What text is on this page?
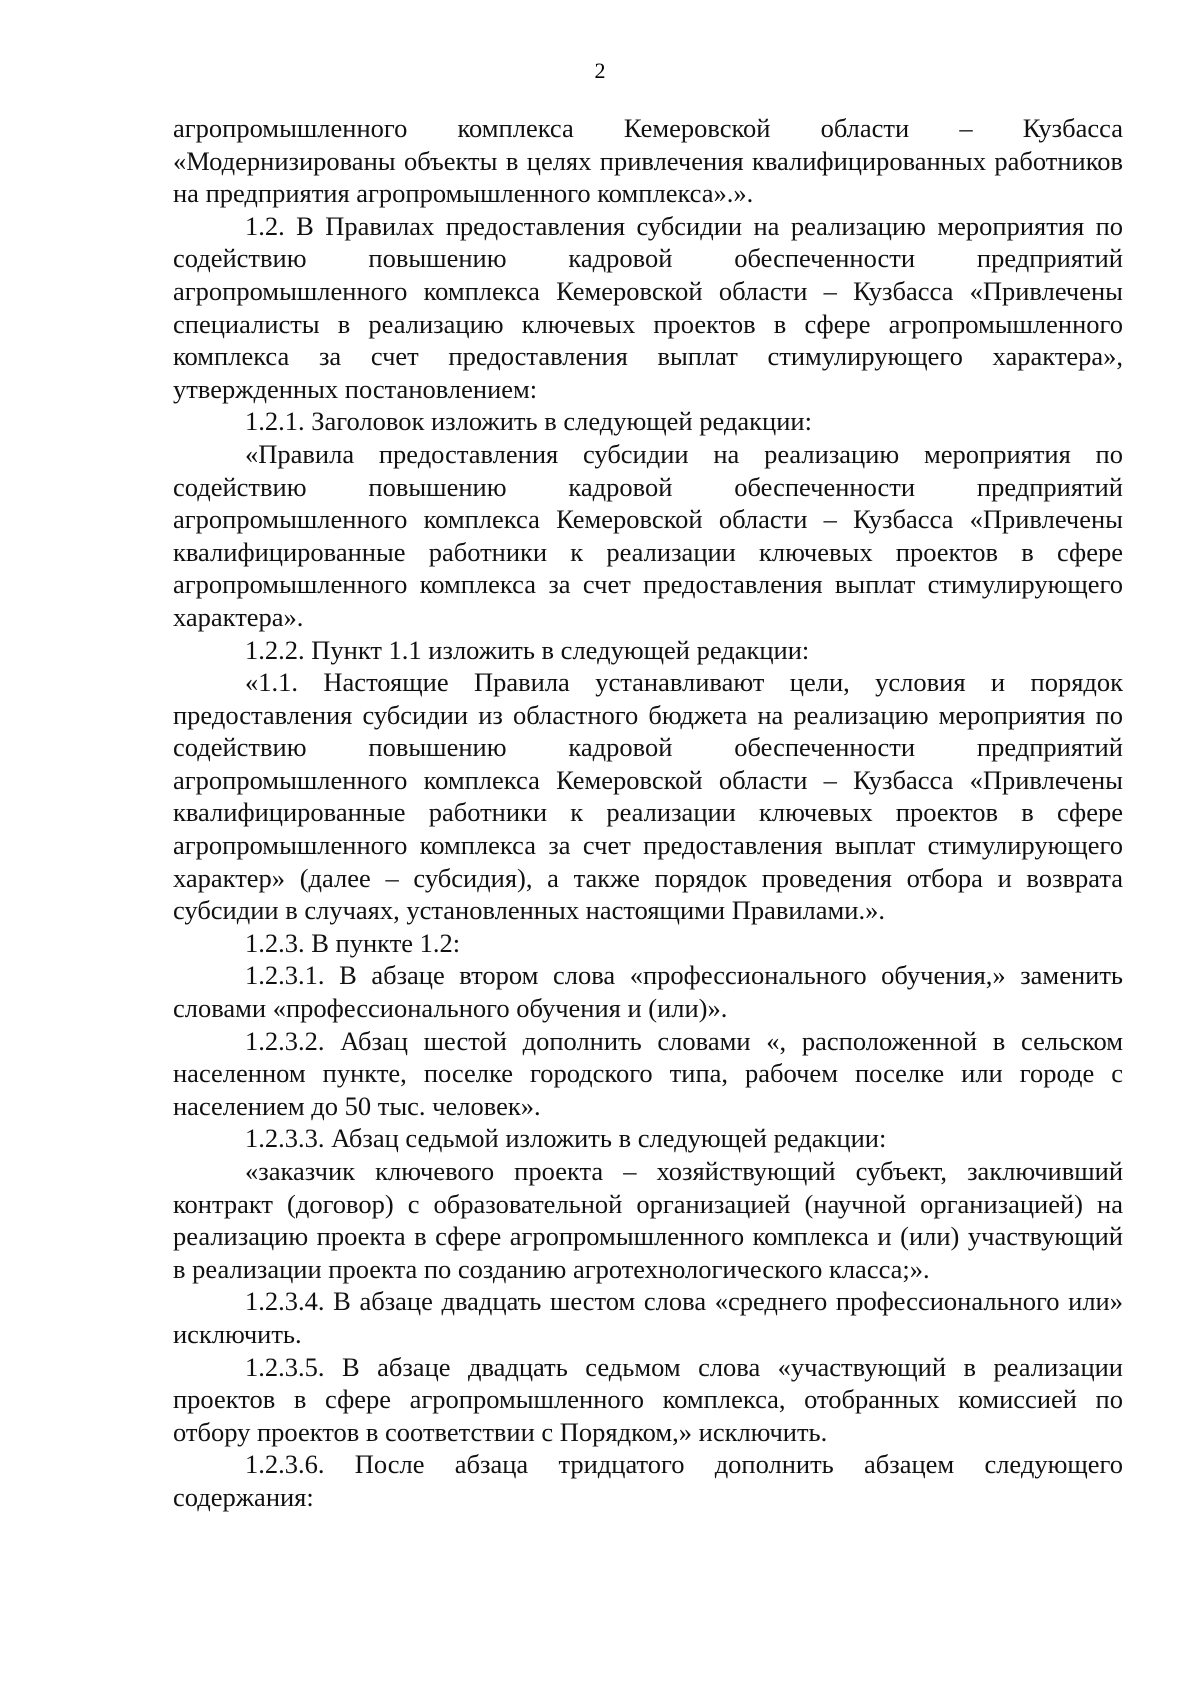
2

агропромышленного комплекса Кемеровской области – Кузбасса «Модернизированы объекты в целях привлечения квалифицированных работников на предприятия агропромышленного комплекса».».

1.2. В Правилах предоставления субсидии на реализацию мероприятия по содействию повышению кадровой обеспеченности предприятий агропромышленного комплекса Кемеровской области – Кузбасса «Привлечены специалисты в реализацию ключевых проектов в сфере агропромышленного комплекса за счет предоставления выплат стимулирующего характера», утвержденных постановлением:

1.2.1. Заголовок изложить в следующей редакции:

«Правила предоставления субсидии на реализацию мероприятия по содействию повышению кадровой обеспеченности предприятий агропромышленного комплекса Кемеровской области – Кузбасса «Привлечены квалифицированные работники к реализации ключевых проектов в сфере агропромышленного комплекса за счет предоставления выплат стимулирующего характера».

1.2.2. Пункт 1.1 изложить в следующей редакции:

«1.1. Настоящие Правила устанавливают цели, условия и порядок предоставления субсидии из областного бюджета на реализацию мероприятия по содействию повышению кадровой обеспеченности предприятий агропромышленного комплекса Кемеровской области – Кузбасса «Привлечены квалифицированные работники к реализации ключевых проектов в сфере агропромышленного комплекса за счет предоставления выплат стимулирующего характер» (далее – субсидия), а также порядок проведения отбора и возврата субсидии в случаях, установленных настоящими Правилами.».

1.2.3. В пункте 1.2:

1.2.3.1. В абзаце втором слова «профессионального обучения,» заменить словами «профессионального обучения и (или)».

1.2.3.2. Абзац шестой дополнить словами «, расположенной в сельском населенном пункте, поселке городского типа, рабочем поселке или городе с населением до 50 тыс. человек».

1.2.3.3. Абзац седьмой изложить в следующей редакции:

«заказчик ключевого проекта – хозяйствующий субъект, заключивший контракт (договор) с образовательной организацией (научной организацией) на реализацию проекта в сфере агропромышленного комплекса и (или) участвующий в реализации проекта по созданию агротехнологического класса;».

1.2.3.4. В абзаце двадцать шестом слова «среднего профессионального или» исключить.

1.2.3.5. В абзаце двадцать седьмом слова «участвующий в реализации проектов в сфере агропромышленного комплекса, отобранных комиссией по отбору проектов в соответствии с Порядком,» исключить.

1.2.3.6. После абзаца тридцатого дополнить абзацем следующего содержания:
